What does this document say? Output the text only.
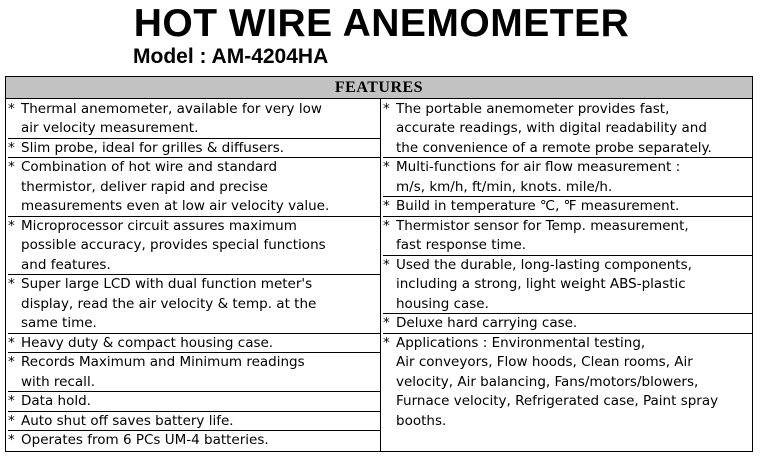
HOT WIRE ANEMOMETER
Model : AM-4204HA
FEATURES
* Thermal anemometer, available for very low
air velocity measurement.
* Slim probe, ideal for grilles & diffusers.
* Combination of hot wire and standard
thermistor, deliver rapid and precise
measurements even at low air velocity value.
* Microprocessor circuit assures maximum
possible accuracy, provides special functions
and features.
* Super large LCD with dual function meter's
display, read the air velocity & temp. at the
same time.
* Heavy duty & compact housing case.
* Records Maximum and Minimum readings
with recall.
* Data hold.
* Auto shut off saves battery life.
* Operates from 6 PCs UM-4 batteries.
* The portable anemometer provides fast,
accurate readings, with digital readability and
the convenience of a remote probe separately.
* Multi-functions for air flow measurement :
m/s, km/h, ft/min, knots. mile/h.
* Build in temperature ℃, ℉ measurement.
* Thermistor sensor for Temp. measurement,
fast response time.
* Used the durable, long-lasting components,
including a strong, light weight ABS-plastic
housing case.
* Deluxe hard carrying case.
* Applications : Environmental testing,
Air conveyors, Flow hoods, Clean rooms, Air
velocity, Air balancing, Fans/motors/blowers,
Furnace velocity, Refrigerated case, Paint spray
booths.
